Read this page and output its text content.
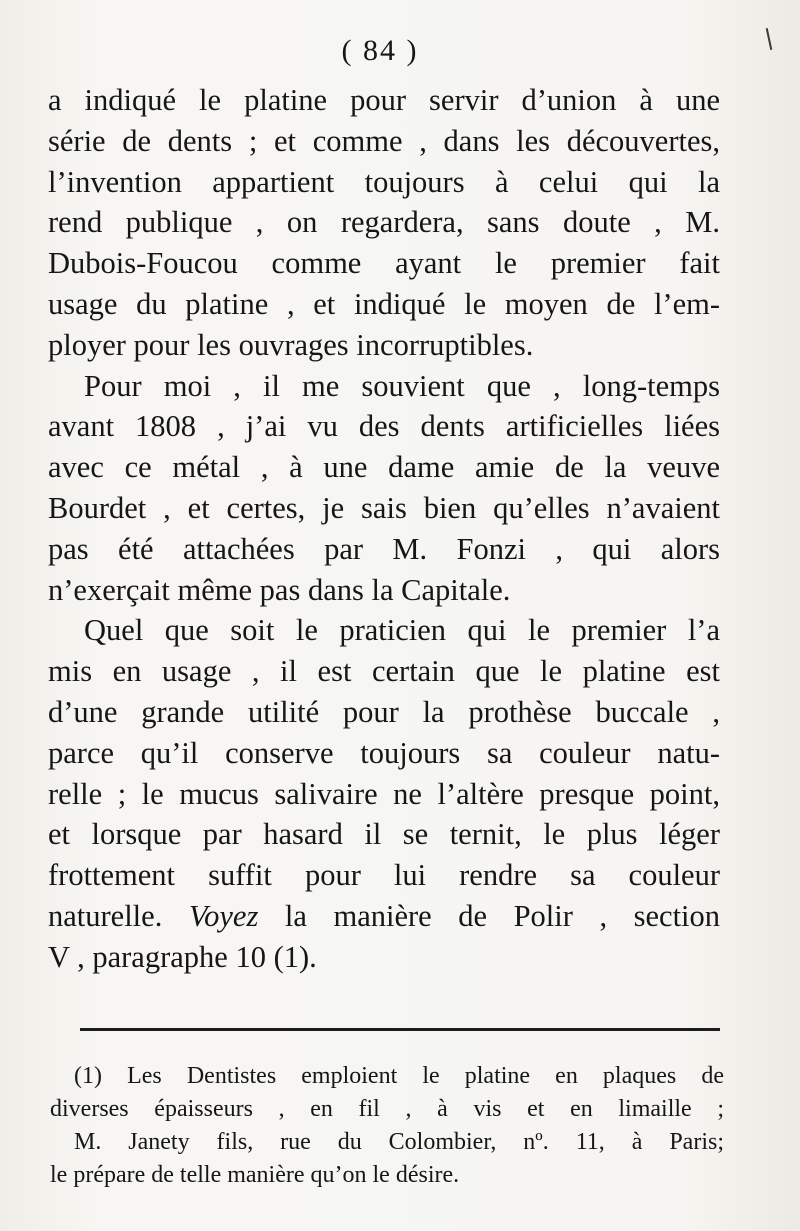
( 84 )
a indiqué le platine pour servir d’union à une
série de dents ; et comme , dans les découvertes,
l’invention appartient toujours à celui qui la
rend publique , on regardera, sans doute , M.
Dubois-Foucou comme ayant le premier fait
usage du platine , et indiqué le moyen de l’em-
ployer pour les ouvrages incorruptibles.
Pour moi , il me souvient que , long-temps
avant 1808 , j’ai vu des dents artificielles liées
avec ce métal , à une dame amie de la veuve
Bourdet , et certes, je sais bien qu’elles n’avaient
pas été attachées par M. Fonzi , qui alors
n’exerçait même pas dans la Capitale.
Quel que soit le praticien qui le premier l’a
mis en usage , il est certain que le platine est
d’une grande utilité pour la prothèse buccale ,
parce qu’il conserve toujours sa couleur natu-
relle ; le mucus salivaire ne l’altère presque point,
et lorsque par hasard il se ternit, le plus léger
frottement suffit pour lui rendre sa couleur
naturelle. Voyez la manière de Polir , section
V , paragraphe 10 (1).
(1) Les Dentistes emploient le platine en plaques de
diverses épaisseurs , en fil , à vis et en limaille ;
M. Janety fils, rue du Colombier, nº. 11, à Paris;
le prépare de telle manière qu’on le désire.
